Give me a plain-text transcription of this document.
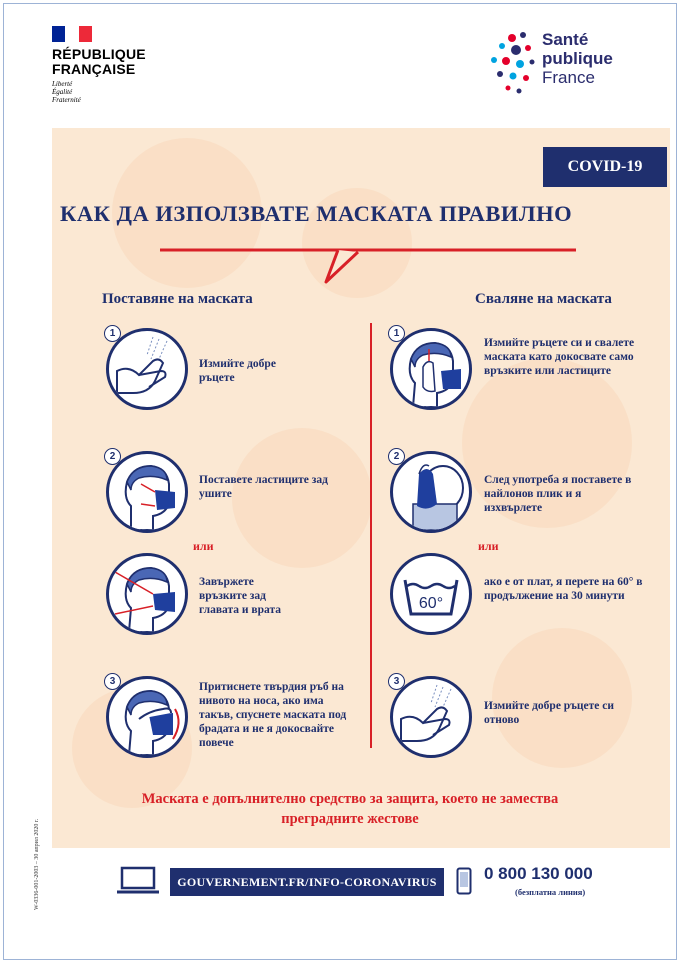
RÉPUBLIQUE
FRANÇAISE
Liberté
Égalité
Fraternité
Santé
publique
France
COVID-19
КАК ДА ИЗПОЛЗВАТЕ МАСКАТА ПРАВИЛНО
Поставяне на маската	Сваляне на маската
1
Измийте добре ръцете
2
Поставете ластиците зад ушите
или
Завържете връзките зад главата и врата
3	Притиснете твърдия ръб на нивото на носа, ако има такъв, спуснете маската под брадата и не я докосвайте повече
1
Измийте ръцете си и свалете маската като докосвате само връзките или ластиците
2
След употреба я поставете в найлонов плик и я изхвърлете
или
60°
ако е от плат, я перете на 60° в продължение на 30 минути
3
Измийте добре ръцете си отново
Маската е допълнително средство за защита, което не замества преградните жестове
GOUVERNEMENT.FR/INFO-CORONAVIRUS	0 800 130 000
(безплатна линия)
W-0336-001-2003 – 30 април 2020 г.
